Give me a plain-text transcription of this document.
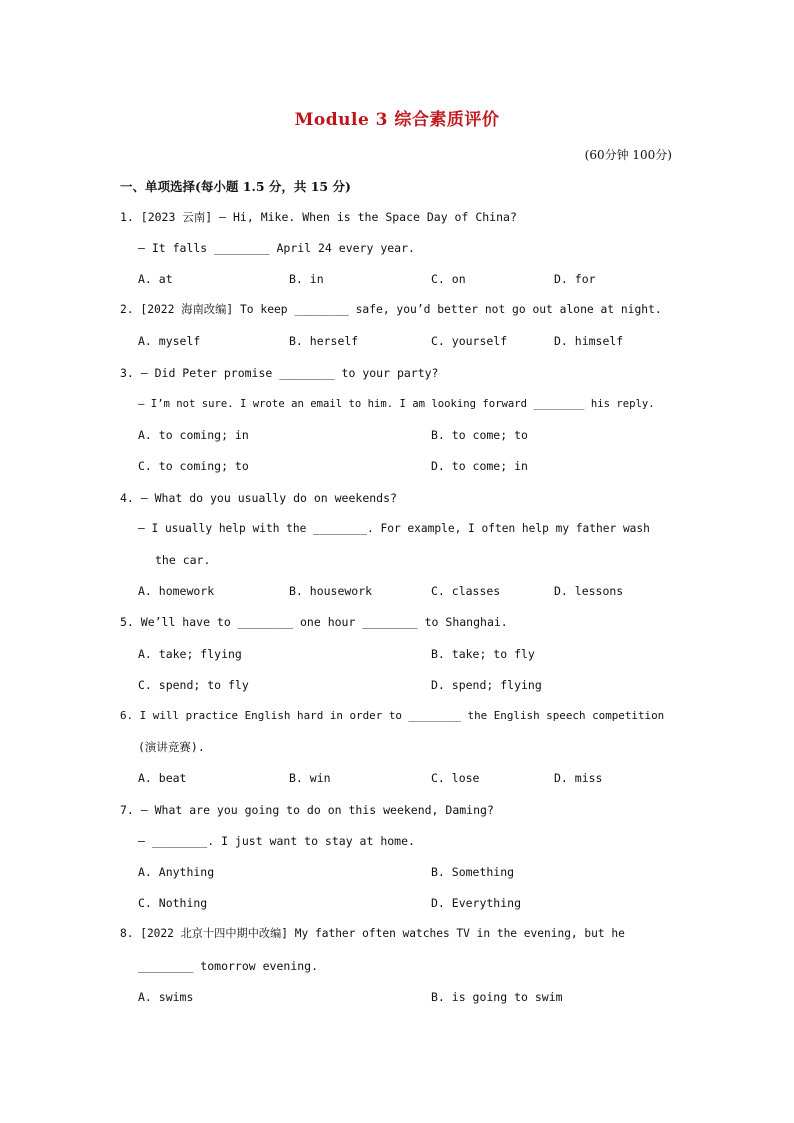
Module 3 综合素质评价
(60分钟 100分)
一、单项选择(每小题 1.5 分，共 15 分)
1. [2023 云南] — Hi, Mike. When is the Space Day of China?
— It falls ________ April 24 every year.
A. at	B. in	C. on	D. for
2. [2022 海南改编] To keep ________ safe, you’d better not go out alone at night.
A. myself	B. herself	C. yourself	D. himself
3. — Did Peter promise ________ to your party?
— I’m not sure. I wrote an email to him. I am looking forward ________ his reply.
A. to coming; in	B. to come; to
C. to coming; to	D. to come; in
4. — What do you usually do on weekends?
— I usually help with the ________. For example, I often help my father wash
the car.
A. homework	B. housework	C. classes	D. lessons
5. We’ll have to ________ one hour ________ to Shanghai.
A. take; flying	B. take; to fly
C. spend; to fly	D. spend; flying
6. I will practice English hard in order to ________ the English speech competition
(演讲竞赛).
A. beat	B. win	C. lose	D. miss
7. — What are you going to do on this weekend, Daming?
— ________. I just want to stay at home.
A. Anything	B. Something
C. Nothing	D. Everything
8. [2022 北京十四中期中改编] My father often watches TV in the evening, but he
________ tomorrow evening.
A. swims	B. is going to swim
